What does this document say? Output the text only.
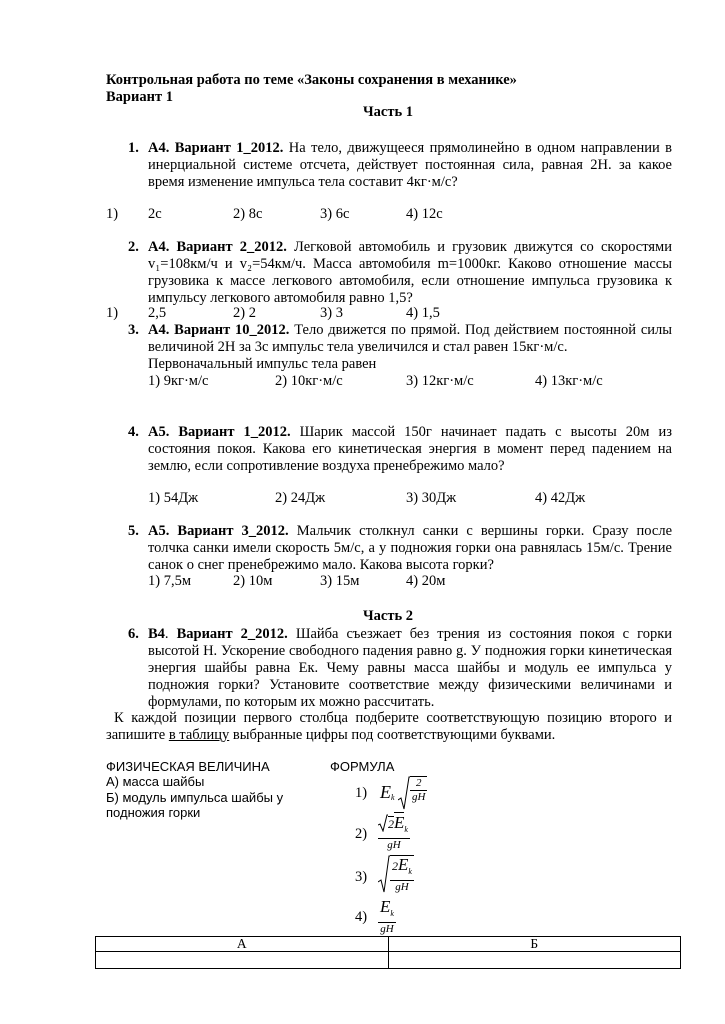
Контрольная работа по теме «Законы сохранения в механике»
Вариант 1
Часть 1
1. А4. Вариант 1_2012. На тело, движущееся прямолинейно в одном направлении в инерциальной системе отсчета, действует постоянная сила, равная 2Н. за какое время изменение импульса тела составит 4кг·м/с?
1) 2с	2) 8с	3) 6с	4) 12с
2. А4. Вариант 2_2012. Легковой автомобиль и грузовик движутся со скоростями v₁=108км/ч и v₂=54км/ч. Масса автомобиля m=1000кг. Каково отношение массы грузовика к массе легкового автомобиля, если отношение импульса грузовика к импульсу легкового автомобиля равно 1,5?
1) 2,5	2) 2	3) 3	4) 1,5
3. А4. Вариант 10_2012. Тело движется по прямой. Под действием постоянной силы величиной 2Н за 3с импульс тела увеличился и стал равен 15кг·м/с.
Первоначальный импульс тела равен
1) 9кг·м/с	2) 10кг·м/с	3) 12кг·м/с	4) 13кг·м/с
4. А5. Вариант 1_2012. Шарик массой 150г начинает падать с высоты 20м из состояния покоя. Какова его кинетическая энергия в момент перед падением на землю, если сопротивление воздуха пренебрежимо мало?
1) 54Дж	2) 24Дж	3) 30Дж	4) 42Дж
5. А5. Вариант 3_2012. Мальчик столкнул санки с вершины горки. Сразу после толчка санки имели скорость 5м/с, а у подножия горки она равнялась 15м/с. Трение санок о снег пренебрежимо мало. Какова высота горки?
1) 7,5м	2) 10м	3) 15м	4) 20м
Часть 2
6. В4. Вариант 2_2012. Шайба съезжает без трения из состояния покоя с горки высотой H. Ускорение свободного падения равно g. У подножия горки кинетическая энергия шайбы равна Eк. Чему равны масса шайбы и модуль ее импульса у подножия горки? Установите соответствие между физическими величинами и формулами, по которым их можно рассчитать.
К каждой позиции первого столбца подберите соответствующую позицию второго и запишите в таблицу выбранные цифры под соответствующими буквами.
ФИЗИЧЕСКАЯ ВЕЛИЧИНА
А) масса шайбы
Б) модуль импульса шайбы у подножия горки
ФОРМУЛА
1) $E_k \frac{2}{gH}$
$2) \frac{2E_k}{gH}$
3)
$2E_k$
gH
$4) \frac{E_k}{gH}$
А	Б
